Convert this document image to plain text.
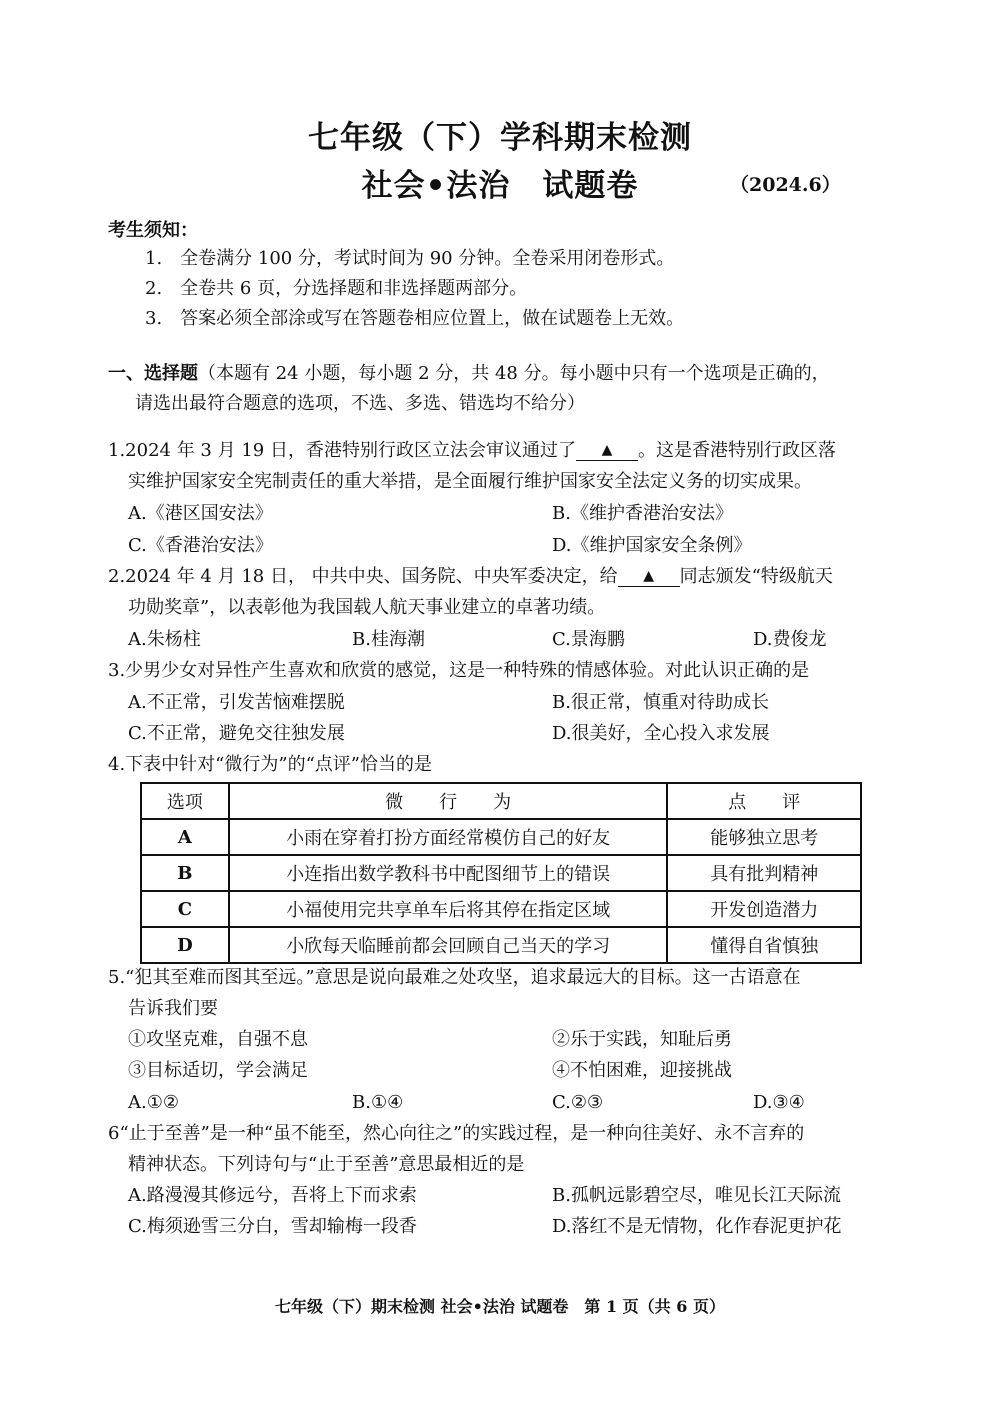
七年级（下）学科期末检测
社会•法治　试题卷	（2024.6）
考生须知：
1.　全卷满分 100 分，考试时间为 90 分钟。全卷采用闭卷形式。
2.　全卷共 6 页，分选择题和非选择题两部分。
3.　答案必须全部涂或写在答题卷相应位置上，做在试题卷上无效。
一、选择题（本题有 24 小题，每小题 2 分，共 48 分。每小题中只有一个选项是正确的，
请选出最符合题意的选项，不选、多选、错选均不给分）
1.2024 年 3 月 19 日，香港特别行政区立法会审议通过了 ▲ 。这是香港特别行政区落
实维护国家安全宪制责任的重大举措，是全面履行维护国家安全法定义务的切实成果。
A.《港区国安法》	B.《维护香港治安法》
C.《香港治安法》	D.《维护国家安全条例》
2.2024 年 4 月 18 日， 中共中央、国务院、中央军委决定，给 ▲ 同志颁发“特级航天
功勋奖章”，以表彰他为我国载人航天事业建立的卓著功绩。
A.朱杨柱	B.桂海潮	C.景海鹏	D.费俊龙
3.少男少女对异性产生喜欢和欣赏的感觉，这是一种特殊的情感体验。对此认识正确的是
A.不正常，引发苦恼难摆脱	B.很正常，慎重对待助成长
C.不正常，避免交往独发展	D.很美好，全心投入求发展
4.下表中针对“微行为”的“点评”恰当的是
选项	微　　行　　为	点　　评
A	小雨在穿着打扮方面经常模仿自己的好友	能够独立思考
B	小连指出数学教科书中配图细节上的错误	具有批判精神
C	小福使用完共享单车后将其停在指定区域	开发创造潜力
D	小欣每天临睡前都会回顾自己当天的学习	懂得自省慎独
5.“犯其至难而图其至远。”意思是说向最难之处攻坚，追求最远大的目标。这一古语意在
告诉我们要
①攻坚克难，自强不息	②乐于实践，知耻后勇
③目标适切，学会满足	④不怕困难，迎接挑战
A.①②	B.①④	C.②③	D.③④
6“止于至善”是一种“虽不能至，然心向往之”的实践过程，是一种向往美好、永不言弃的
精神状态。下列诗句与“止于至善”意思最相近的是
A.路漫漫其修远兮，吾将上下而求索	B.孤帆远影碧空尽，唯见长江天际流
C.梅须逊雪三分白，雪却输梅一段香	D.落红不是无情物，化作春泥更护花
七年级（下）期末检测 社会•法治 试题卷　第 1 页（共 6 页）
